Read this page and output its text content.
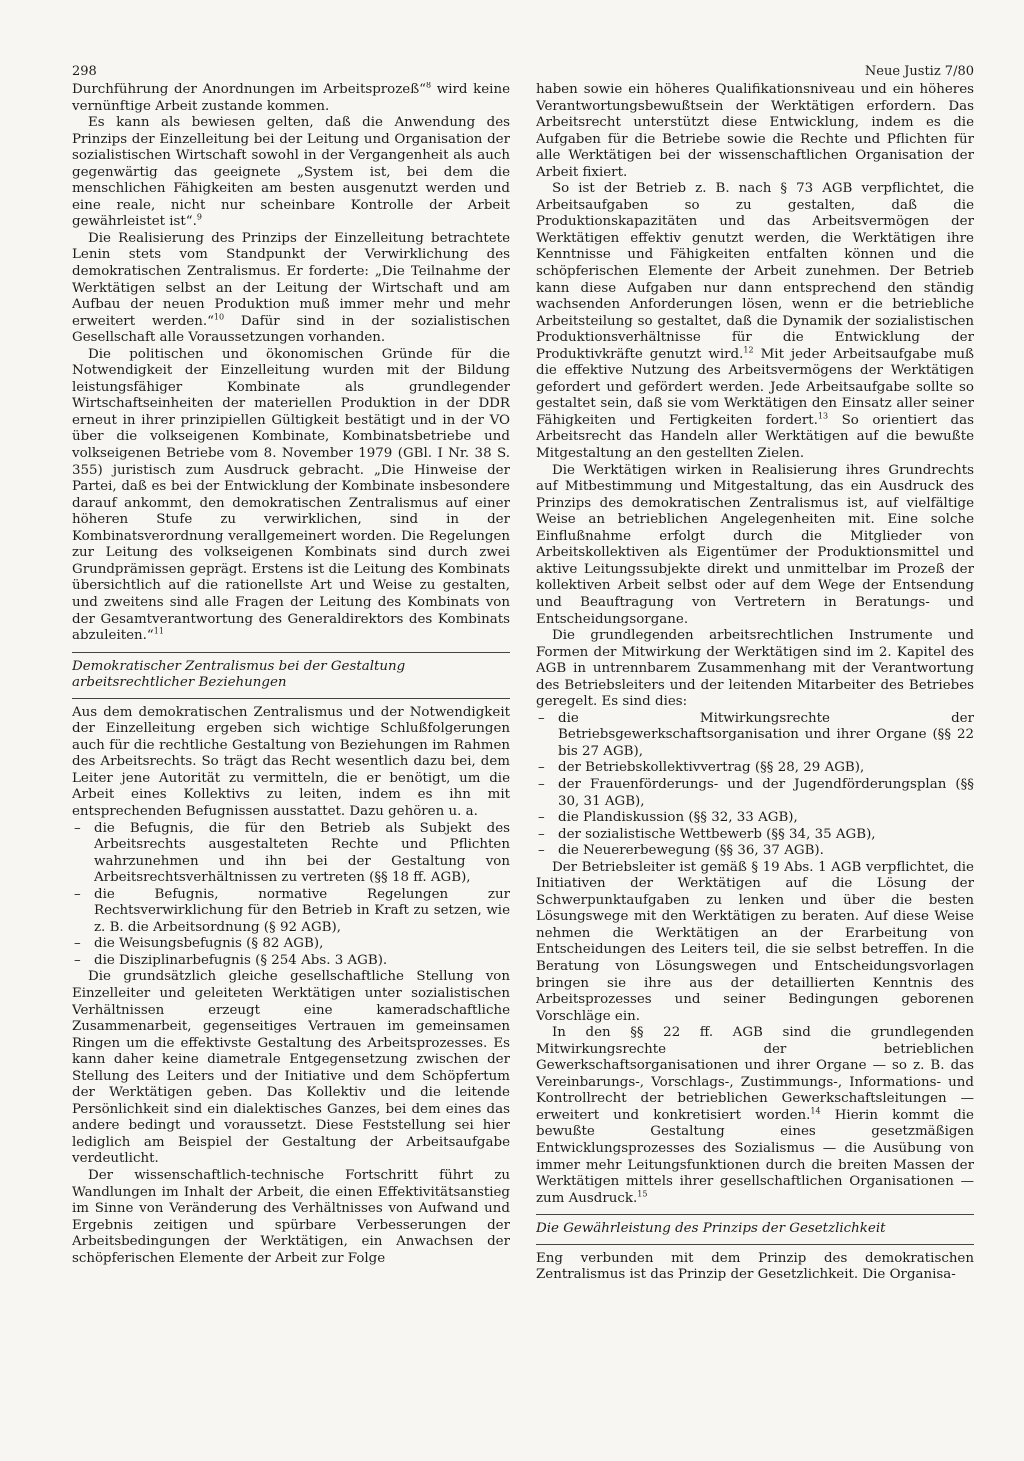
298	Neue Justiz 7/80

Durchführung der Anordnungen im Arbeitsprozeß“$^8$ wird keine vernünftige Arbeit zustande kommen.

Es kann als bewiesen gelten, daß die Anwendung des Prinzips der Einzelleitung bei der Leitung und Organisation der sozialistischen Wirtschaft sowohl in der Vergangenheit als auch gegenwärtig das geeignete „System ist, bei dem die menschlichen Fähigkeiten am besten ausgenutzt werden und eine reale, nicht nur scheinbare Kontrolle der Arbeit gewährleistet ist“.$^9$

Die Realisierung des Prinzips der Einzelleitung betrachtete Lenin stets vom Standpunkt der Verwirklichung des demokratischen Zentralismus. Er forderte: „Die Teilnahme der Werktätigen selbst an der Leitung der Wirtschaft und am Aufbau der neuen Produktion muß immer mehr und mehr erweitert werden.“$^{10}$ Dafür sind in der sozialistischen Gesellschaft alle Voraussetzungen vorhanden.

Die politischen und ökonomischen Gründe für die Notwendigkeit der Einzelleitung wurden mit der Bildung leistungsfähiger Kombinate als grundlegender Wirtschaftseinheiten der materiellen Produktion in der DDR erneut in ihrer prinzipiellen Gültigkeit bestätigt und in der VO über die volkseigenen Kombinate, Kombinatsbetriebe und volkseigenen Betriebe vom 8. November 1979 (GBl. I Nr. 38 S. 355) juristisch zum Ausdruck gebracht. „Die Hinweise der Partei, daß es bei der Entwicklung der Kombinate insbesondere darauf ankommt, den demokratischen Zentralismus auf einer höheren Stufe zu verwirklichen, sind in der Kombinatsverordnung verallgemeinert worden. Die Regelungen zur Leitung des volkseigenen Kombinats sind durch zwei Grundprämissen geprägt. Erstens ist die Leitung des Kombinats übersichtlich auf die rationellste Art und Weise zu gestalten, und zweitens sind alle Fragen der Leitung des Kombinats von der Gesamtverantwortung des Generaldirektors des Kombinats abzuleiten.“$^{11}$

Demokratischer Zentralismus bei der Gestaltung arbeitsrechtlicher Beziehungen

Aus dem demokratischen Zentralismus und der Notwendigkeit der Einzelleitung ergeben sich wichtige Schlußfolgerungen auch für die rechtliche Gestaltung von Beziehungen im Rahmen des Arbeitsrechts. So trägt das Recht wesentlich dazu bei, dem Leiter jene Autorität zu vermitteln, die er benötigt, um die Arbeit eines Kollektivs zu leiten, indem es ihn mit entsprechenden Befugnissen ausstattet. Dazu gehören u. a.

– die Befugnis, die für den Betrieb als Subjekt des Arbeitsrechts ausgestalteten Rechte und Pflichten wahrzunehmen und ihn bei der Gestaltung von Arbeitsrechtsverhältnissen zu vertreten (§§ 18 ff. AGB),
– die Befugnis, normative Regelungen zur Rechtsverwirklichung für den Betrieb in Kraft zu setzen, wie z. B. die Arbeitsordnung (§ 92 AGB),
– die Weisungsbefugnis (§ 82 AGB),
– die Disziplinarbefugnis (§ 254 Abs. 3 AGB).

Die grundsätzlich gleiche gesellschaftliche Stellung von Einzelleiter und geleiteten Werktätigen unter sozialistischen Verhältnissen erzeugt eine kameradschaftliche Zusammenarbeit, gegenseitiges Vertrauen im gemeinsamen Ringen um die effektivste Gestaltung des Arbeitsprozesses. Es kann daher keine diametrale Entgegensetzung zwischen der Stellung des Leiters und der Initiative und dem Schöpfertum der Werktätigen geben. Das Kollektiv und die leitende Persönlichkeit sind ein dialektisches Ganzes, bei dem eines das andere bedingt und voraussetzt. Diese Feststellung sei hier lediglich am Beispiel der Gestaltung der Arbeitsaufgabe verdeutlicht.

Der wissenschaftlich-technische Fortschritt führt zu Wandlungen im Inhalt der Arbeit, die einen Effektivitätsanstieg im Sinne von Veränderung des Verhältnisses von Aufwand und Ergebnis zeitigen und spürbare Verbesserungen der Arbeitsbedingungen der Werktätigen, ein Anwachsen der schöpferischen Elemente der Arbeit zur Folge

haben sowie ein höheres Qualifikationsniveau und ein höheres Verantwortungsbewußtsein der Werktätigen erfordern. Das Arbeitsrecht unterstützt diese Entwicklung, indem es die Aufgaben für die Betriebe sowie die Rechte und Pflichten für alle Werktätigen bei der wissenschaftlichen Organisation der Arbeit fixiert.

So ist der Betrieb z. B. nach § 73 AGB verpflichtet, die Arbeitsaufgaben so zu gestalten, daß die Produktionskapazitäten und das Arbeitsvermögen der Werktätigen effektiv genutzt werden, die Werktätigen ihre Kenntnisse und Fähigkeiten entfalten können und die schöpferischen Elemente der Arbeit zunehmen. Der Betrieb kann diese Aufgaben nur dann entsprechend den ständig wachsenden Anforderungen lösen, wenn er die betriebliche Arbeitsteilung so gestaltet, daß die Dynamik der sozialistischen Produktionsverhältnisse für die Entwicklung der Produktivkräfte genutzt wird.$^{12}$ Mit jeder Arbeitsaufgabe muß die effektive Nutzung des Arbeitsvermögens der Werktätigen gefordert und gefördert werden. Jede Arbeitsaufgabe sollte so gestaltet sein, daß sie vom Werktätigen den Einsatz aller seiner Fähigkeiten und Fertigkeiten fordert.$^{13}$ So orientiert das Arbeitsrecht das Handeln aller Werktätigen auf die bewußte Mitgestaltung an den gestellten Zielen.

Die Werktätigen wirken in Realisierung ihres Grundrechts auf Mitbestimmung und Mitgestaltung, das ein Ausdruck des Prinzips des demokratischen Zentralismus ist, auf vielfältige Weise an betrieblichen Angelegenheiten mit. Eine solche Einflußnahme erfolgt durch die Mitglieder von Arbeitskollektiven als Eigentümer der Produktionsmittel und aktive Leitungssubjekte direkt und unmittelbar im Prozeß der kollektiven Arbeit selbst oder auf dem Wege der Entsendung und Beauftragung von Vertretern in Beratungs- und Entscheidungsorgane.

Die grundlegenden arbeitsrechtlichen Instrumente und Formen der Mitwirkung der Werktätigen sind im 2. Kapitel des AGB in untrennbarem Zusammenhang mit der Verantwortung des Betriebsleiters und der leitenden Mitarbeiter des Betriebes geregelt. Es sind dies:

– die Mitwirkungsrechte der Betriebsgewerkschaftsorganisation und ihrer Organe (§§ 22 bis 27 AGB),
– der Betriebskollektivvertrag (§§ 28, 29 AGB),
– der Frauenförderungs- und der Jugendförderungsplan (§§ 30, 31 AGB),
– die Plandiskussion (§§ 32, 33 AGB),
– der sozialistische Wettbewerb (§§ 34, 35 AGB),
– die Neuererbewegung (§§ 36, 37 AGB).

Der Betriebsleiter ist gemäß § 19 Abs. 1 AGB verpflichtet, die Initiativen der Werktätigen auf die Lösung der Schwerpunktaufgaben zu lenken und über die besten Lösungswege mit den Werktätigen zu beraten. Auf diese Weise nehmen die Werktätigen an der Erarbeitung von Entscheidungen des Leiters teil, die sie selbst betreffen. In die Beratung von Lösungswegen und Entscheidungsvorlagen bringen sie ihre aus der detaillierten Kenntnis des Arbeitsprozesses und seiner Bedingungen geborenen Vorschläge ein.

In den §§ 22 ff. AGB sind die grundlegenden Mitwirkungsrechte der betrieblichen Gewerkschaftsorganisationen und ihrer Organe — so z. B. das Vereinbarungs-, Vorschlags-, Zustimmungs-, Informations- und Kontrollrecht der betrieblichen Gewerkschaftsleitungen — erweitert und konkretisiert worden.$^{14}$ Hierin kommt die bewußte Gestaltung eines gesetzmäßigen Entwicklungsprozesses des Sozialismus — die Ausübung von immer mehr Leitungsfunktionen durch die breiten Massen der Werktätigen mittels ihrer gesellschaftlichen Organisationen — zum Ausdruck.$^{15}$

Die Gewährleistung des Prinzips der Gesetzlichkeit

Eng verbunden mit dem Prinzip des demokratischen Zentralismus ist das Prinzip der Gesetzlichkeit. Die Organisa-
